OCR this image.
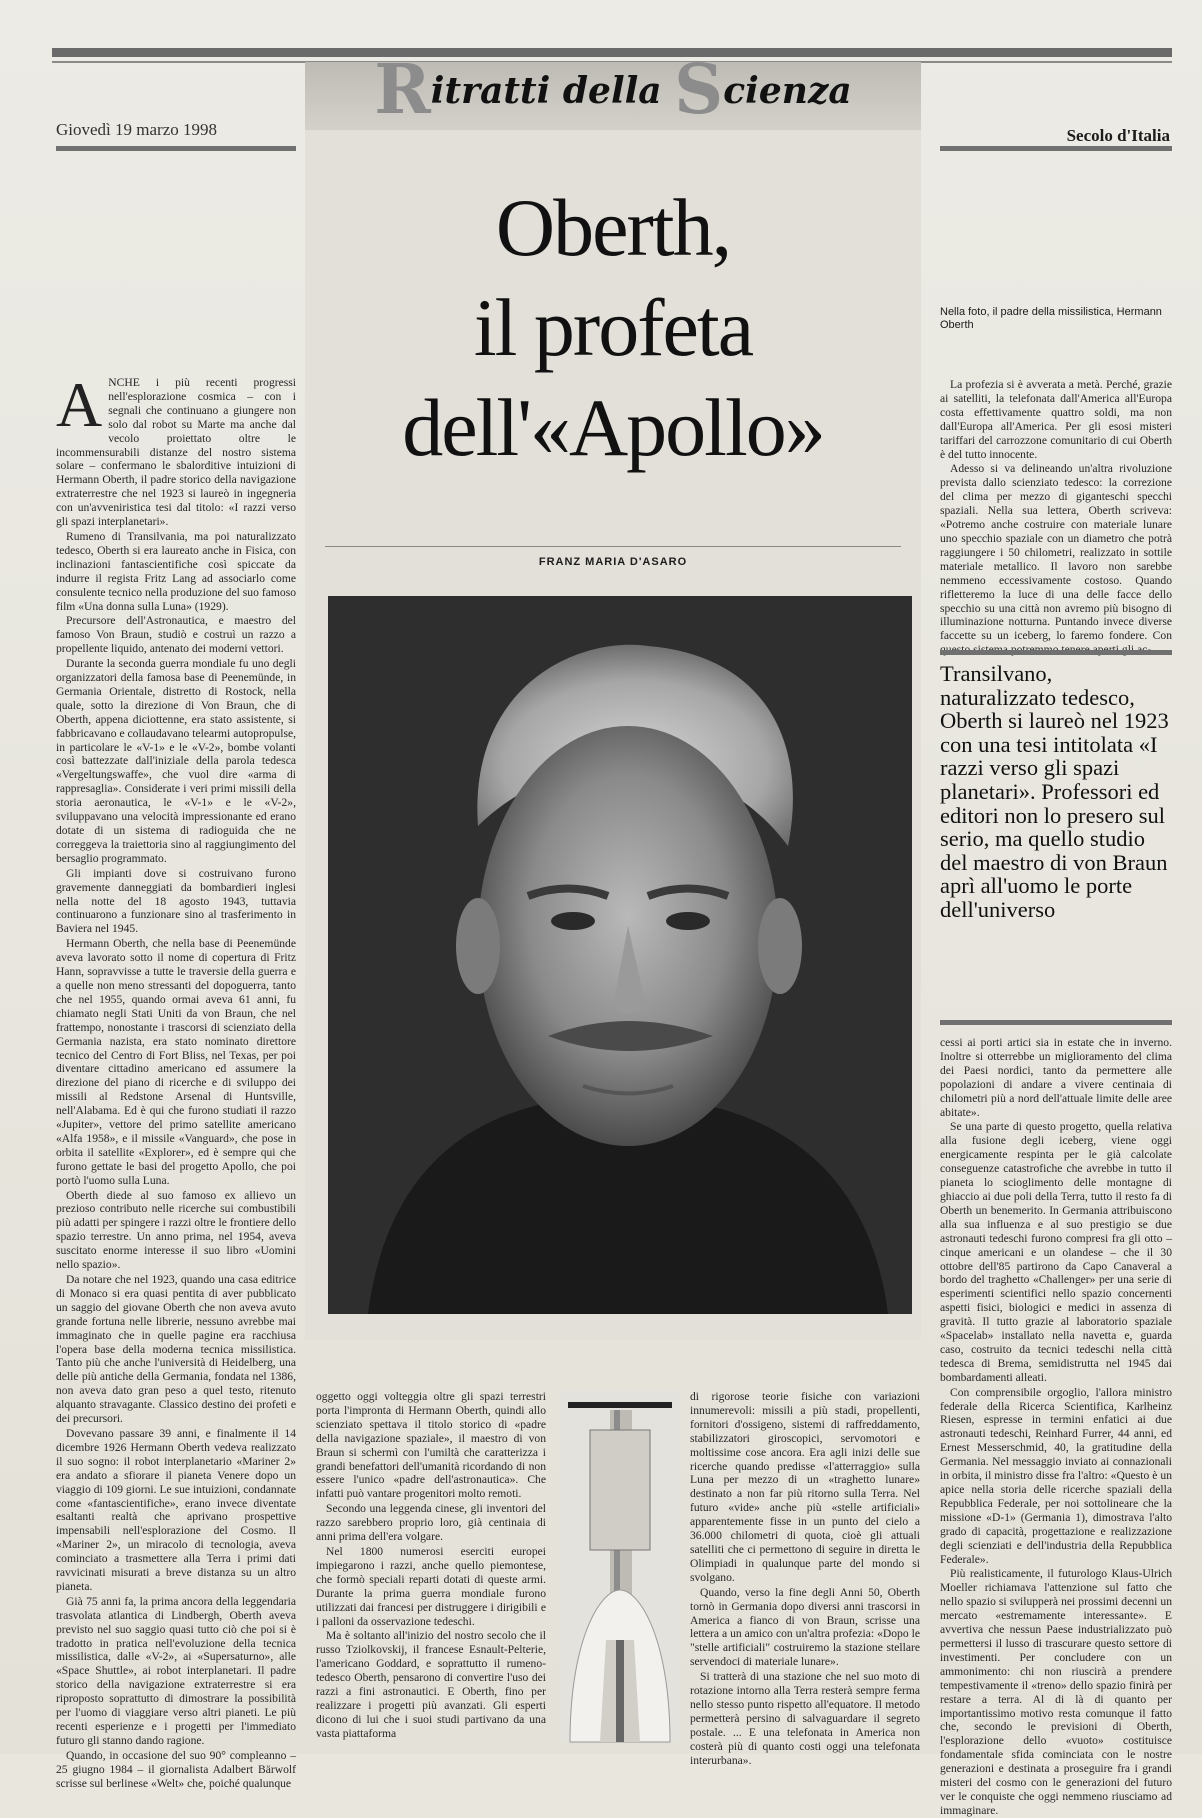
Ritratti della Scienza
Giovedì 19 marzo 1998	Secolo d'Italia
Oberth,
il profeta
dell'«Apollo»
FRANZ MARIA D'ASARO
Nella foto, il padre della missilistica, Hermann Oberth
A NCHE i più recenti progressi nell'esplorazione cosmica – con i segnali che continuano a giungere non solo dal robot su Marte ma anche dal vecolo proiettato oltre le incommensurabili distanze del nostro sistema solare – confermano le sbalorditive intuizioni di Hermann Oberth, il padre storico della navigazione extraterrestre che nel 1923 si laureò in ingegneria con un'avveniristica tesi dal titolo: «I razzi verso gli spazi interplanetari».

Rumeno di Transilvania, ma poi naturalizzato tedesco, Oberth si era laureato anche in Fisica, con inclinazioni fantascientifiche così spiccate da indurre il regista Fritz Lang ad associarlo come consulente tecnico nella produzione del suo famoso film «Una donna sulla Luna» (1929).

Precursore dell'Astronautica, e maestro del famoso Von Braun, studiò e costruì un razzo a propellente liquido, antenato dei moderni vettori.

Durante la seconda guerra mondiale fu uno degli organizzatori della famosa base di Peenemünde, in Germania Orientale, distretto di Rostock, nella quale, sotto la direzione di Von Braun, che di Oberth, appena diciottenne, era stato assistente, si fabbricavano e collaudavano telearmi autopropulse, in particolare le «V-1» e le «V-2», bombe volanti così battezzate dall'iniziale della parola tedesca «Vergeltungswaffe», che vuol dire «arma di rappresaglia». Considerate i veri primi missili della storia aeronautica, le «V-1» e le «V-2», sviluppavano una velocità impressionante ed erano dotate di un sistema di radioguida che ne correggeva la traiettoria sino al raggiungimento del bersaglio programmato.

Gli impianti dove si costruivano furono gravemente danneggiati da bombardieri inglesi nella notte del 18 agosto 1943, tuttavia continuarono a funzionare sino al trasferimento in Baviera nel 1945.

Hermann Oberth, che nella base di Peenemünde aveva lavorato sotto il nome di copertura di Fritz Hann, sopravvisse a tutte le traversie della guerra e a quelle non meno stressanti del dopoguerra, tanto che nel 1955, quando ormai aveva 61 anni, fu chiamato negli Stati Uniti da von Braun, che nel frattempo, nonostante i trascorsi di scienziato della Germania nazista, era stato nominato direttore tecnico del Centro di Fort Bliss, nel Texas, per poi diventare cittadino americano ed assumere la direzione del piano di ricerche e di sviluppo dei missili al Redstone Arsenal di Huntsville, nell'Alabama. Ed è qui che furono studiati il razzo «Jupiter», vettore del primo satellite americano «Alfa 1958», e il missile «Vanguard», che pose in orbita il satellite «Explorer», ed è sempre qui che furono gettate le basi del progetto Apollo, che poi portò l'uomo sulla Luna.

Oberth diede al suo famoso ex allievo un prezioso contributo nelle ricerche sui combustibili più adatti per spingere i razzi oltre le frontiere dello spazio terrestre. Un anno prima, nel 1954, aveva suscitato enorme interesse il suo libro «Uomini nello spazio».

Da notare che nel 1923, quando una casa editrice di Monaco si era quasi pentita di aver pubblicato un saggio del giovane Oberth che non aveva avuto grande fortuna nelle librerie, nessuno avrebbe mai immaginato che in quelle pagine era racchiusa l'opera base della moderna tecnica missilistica. Tanto più che anche l'università di Heidelberg, una delle più antiche della Germania, fondata nel 1386, non aveva dato gran peso a quel testo, ritenuto alquanto stravagante. Classico destino dei profeti e dei precursori.

Dovevano passare 39 anni, e finalmente il 14 dicembre 1926 Hermann Oberth vedeva realizzato il suo sogno: il robot interplanetario «Mariner 2» era andato a sfiorare il pianeta Venere dopo un viaggio di 109 giorni. Le sue intuizioni, condannate come «fantascientifiche», erano invece diventate esaltanti realtà che aprivano prospettive impensabili nell'esplorazione del Cosmo. Il «Mariner 2», un miracolo di tecnologia, aveva cominciato a trasmettere alla Terra i primi dati ravvicinati misurati a breve distanza su un altro pianeta.

Già 75 anni fa, la prima ancora della leggendaria trasvolata atlantica di Lindbergh, Oberth aveva previsto nel suo saggio quasi tutto ciò che poi si è tradotto in pratica nell'evoluzione della tecnica missilistica, dalle «V-2», ai «Supersaturno», alle «Space Shuttle», ai robot interplanetari. Il padre storico della navigazione extraterrestre si era riproposto soprattutto di dimostrare la possibilità per l'uomo di viaggiare verso altri pianeti. Le più recenti esperienze e i progetti per l'immediato futuro gli stanno dando ragione.

Quando, in occasione del suo 90° compleanno – 25 giugno 1984 – il giornalista Adalbert Bärwolf scrisse sul berlinese «Welt» che, poiché qualunque

La profezia si è avverata a metà. Perché, grazie ai satelliti, la telefonata dall'America all'Europa costa effettivamente quattro soldi, ma non dall'Europa all'America. Per gli esosi misteri tariffari del carrozzone comunitario di cui Oberth è del tutto innocente.

Adesso si va delineando un'altra rivoluzione prevista dallo scienziato tedesco: la correzione del clima per mezzo di giganteschi specchi spaziali. Nella sua lettera, Oberth scriveva: «Potremo anche costruire con materiale lunare uno specchio spaziale con un diametro che potrà raggiungere i 50 chilometri, realizzato in sottile materiale metallico. Il lavoro non sarebbe nemmeno eccessivamente costoso. Quando rifletteremo la luce di una delle facce dello specchio su una città non avremo più bisogno di illuminazione notturna. Puntando invece diverse faccette su un iceberg, lo faremo fondere. Con

Transilvano, naturalizzato tedesco, Oberth si laureò nel 1923 con una tesi intitolata «I razzi verso gli spazi planetari». Professori ed editori non lo presero sul serio, ma quello studio del maestro di von Braun aprì all'uomo le porte dell'universo

cessi ai porti artici sia in estate che in inverno. Inoltre si otterrebbe un miglioramento del clima dei Paesi nordici, tanto da permettere alle popolazioni di andare a vivere centinaia di chilometri più a nord dell'attuale limite delle aree abitate».

Se una parte di questo progetto, quella relativa alla fusione degli iceberg, viene oggi energicamente respinta per le già calcolate conseguenze catastrofiche che avrebbe in tutto il pianeta lo scioglimento delle montagne di ghiaccio ai due poli della Terra, tutto il resto fa di Oberth un benemerito. In Germania attribuiscono alla sua influenza e al suo prestigio se due astronauti tedeschi furono compresi fra gli otto – cinque americani e un olandese – che il 30 ottobre dell'85 partirono da Capo Canaveral a bordo del traghetto «Challenger» per una serie di esperimenti scientifici nello spazio concernenti aspetti fisici, biologici e medici in assenza di gravità. Il tutto grazie al laboratorio spaziale «Spacelab» installato nella navetta e, guarda caso, costruito da tecnici tedeschi nella città tedesca di Brema, semidistrutta nel 1945 dai bombardamenti alleati.

Con comprensibile orgoglio, l'allora ministro federale della Ricerca Scientifica, Karlheinz Riesen, espresse in termini enfatici ai due astronauti tedeschi, Reinhard Furrer, 44 anni, ed Ernest Messerschmid, 40, la gratitudine della Germania. Nel messaggio inviato ai connazionali in orbita, il ministro disse fra l'altro: «Questo è un apice nella storia delle ricerche spaziali della Repubblica Federale, per noi sottolineare che la missione «D-1» (Germania 1), dimostrava l'alto grado di capacità, progettazione e realizzazione degli scienziati e dell'industria della Repubblica Federale».

Più realisticamente, il futurologo Klaus-Ulrich Moeller richiamava l'attenzione sul fatto che nello spazio si svilupperà nei prossimi decenni un mercato «estremamente interessante». E avvertiva che nessun Paese industrializzato può permettersi il lusso di trascurare questo settore di investimenti. Per concludere con un ammonimento: chi non riuscirà a prendere tempestivamente il «treno» dello spazio finirà per restare a terra. Al di là di quanto per importantissimo motivo resta comunque il fatto che, secondo le previsioni di Oberth, l'esplorazione dello «vuoto» costituisce fondamentale sfida cominciata con le nostre generazioni e destinata a proseguire fra i grandi misteri del cosmo con le generazioni del futuro ver le conquiste che oggi nemmeno riusciamo ad immaginare.

oggetto oggi volteggia oltre gli spazi terrestri porta l'impronta di Hermann Oberth, quindi allo scienziato spettava il titolo storico di «padre della navigazione spaziale», il maestro di von Braun si schermì con l'umiltà che caratterizza i grandi benefattori dell'umanità ricordando di non essere l'unico «padre dell'astronautica». Che infatti può vantare progenitori molto remoti.

Secondo una leggenda cinese, gli inventori del razzo sarebbero proprio loro, già centinaia di anni prima dell'era volgare.

Nel 1800 numerosi eserciti europei impiegarono i razzi, anche quello piemontese, che formò speciali reparti dotati di queste armi. Durante la prima guerra mondiale furono utilizzati dai francesi per distruggere i dirigibili e i palloni da osservazione tedeschi.

Ma è soltanto all'inizio del nostro secolo che il russo Tziolkovskij, il francese Esnault-Pelterie, l'americano Goddard, e soprattutto il rumeno-tedesco Oberth, pensarono di convertire l'uso dei razzi a fini astronautici. E Oberth, fino per realizzare i progetti più avanzati. Gli esperti dicono di lui che i suoi studi partivano da una vasta piattaforma

di rigorose teorie fisiche con variazioni innumerevoli: missili a più stadi, propellenti, fornitori d'ossigeno, sistemi di raffreddamento, stabilizzatori giroscopici, servomotori e moltissime cose ancora. Era agli inizi delle sue ricerche quando predisse «l'atterraggio» sulla Luna per mezzo di un «traghetto lunare» destinato a non far più ritorno sulla Terra. Nel futuro «vide» anche più «stelle artificiali» apparentemente fisse in un punto del cielo a 36.000 chilometri di quota, cioè gli attuali satelliti che ci permettono di seguire in diretta le Olimpiadi in qualunque parte del mondo si svolgano.

Quando, verso la fine degli Anni 50, Oberth tornò in Germania dopo diversi anni trascorsi in America a fianco di von Braun, scrisse una lettera a un amico con un'altra profezia: «Dopo le "stelle artificiali" costruiremo la stazione stellare servendoci di materiale lunare».

Si tratterà di una stazione che nel suo moto di rotazione intorno alla Terra resterà sempre ferma nello stesso punto rispetto all'equatore. Il metodo permetterà persino di salvaguardare il segreto postale. ... E una telefonata in America non costerà più di quanto costi oggi una telefonata interurbana».
